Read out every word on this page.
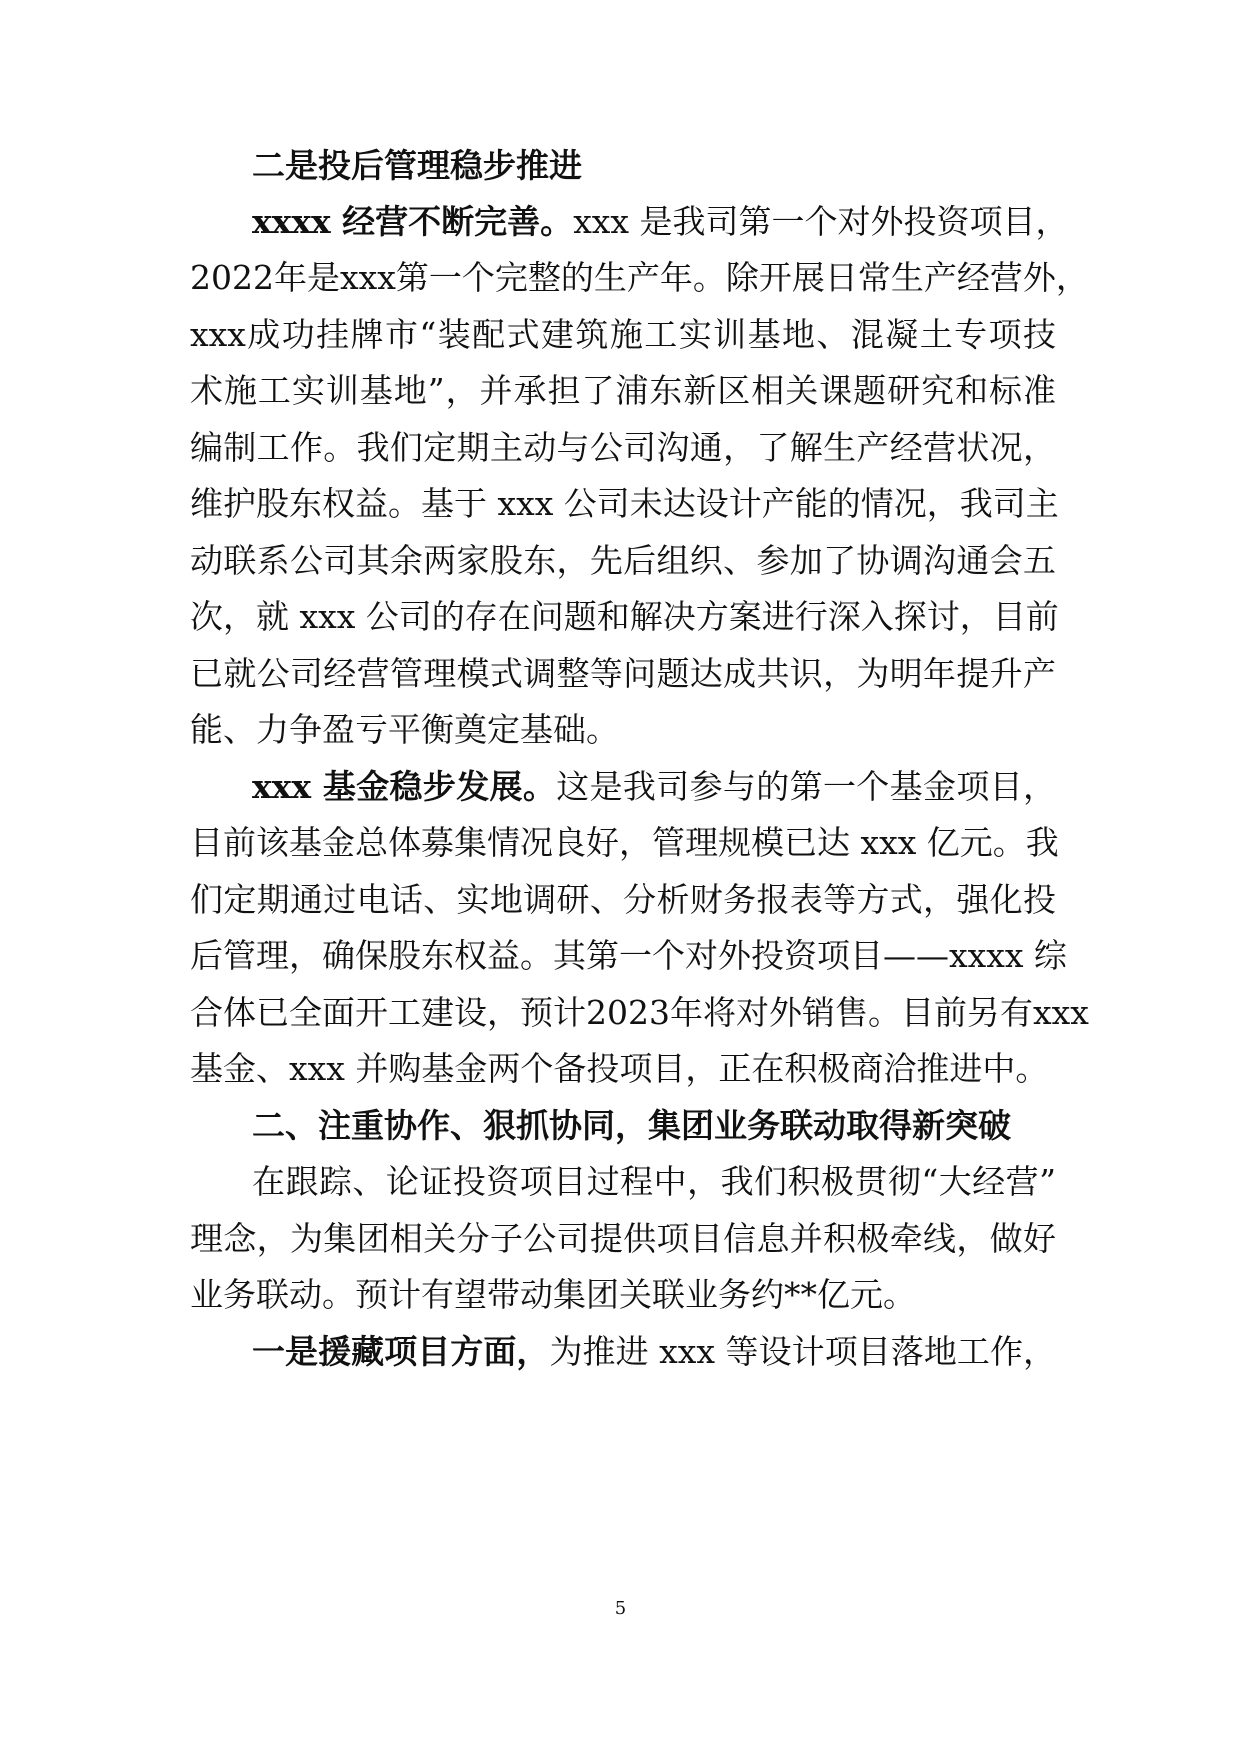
二是投后管理稳步推进
xxxx 经营不断完善。xxx 是我司第一个对外投资项目，
2022年是xxx第一个完整的生产年。除开展日常生产经营外，
xxx成功挂牌市“装配式建筑施工实训基地、混凝土专项技
术施工实训基地”，并承担了浦东新区相关课题研究和标准
编制工作。我们定期主动与公司沟通，了解生产经营状况，
维护股东权益。基于 xxx 公司未达设计产能的情况，我司主
动联系公司其余两家股东，先后组织、参加了协调沟通会五
次，就 xxx 公司的存在问题和解决方案进行深入探讨，目前
已就公司经营管理模式调整等问题达成共识，为明年提升产
能、力争盈亏平衡奠定基础。
xxx 基金稳步发展。这是我司参与的第一个基金项目，
目前该基金总体募集情况良好，管理规模已达 xxx 亿元。我
们定期通过电话、实地调研、分析财务报表等方式，强化投
后管理，确保股东权益。其第一个对外投资项目——xxxx 综
合体已全面开工建设，预计2023年将对外销售。目前另有xxx
基金、xxx 并购基金两个备投项目，正在积极商洽推进中。
二、注重协作、狠抓协同，集团业务联动取得新突破
在跟踪、论证投资项目过程中，我们积极贯彻“大经营”
理念，为集团相关分子公司提供项目信息并积极牵线，做好
业务联动。预计有望带动集团关联业务约**亿元。
一是援藏项目方面，为推进 xxx 等设计项目落地工作，
5
